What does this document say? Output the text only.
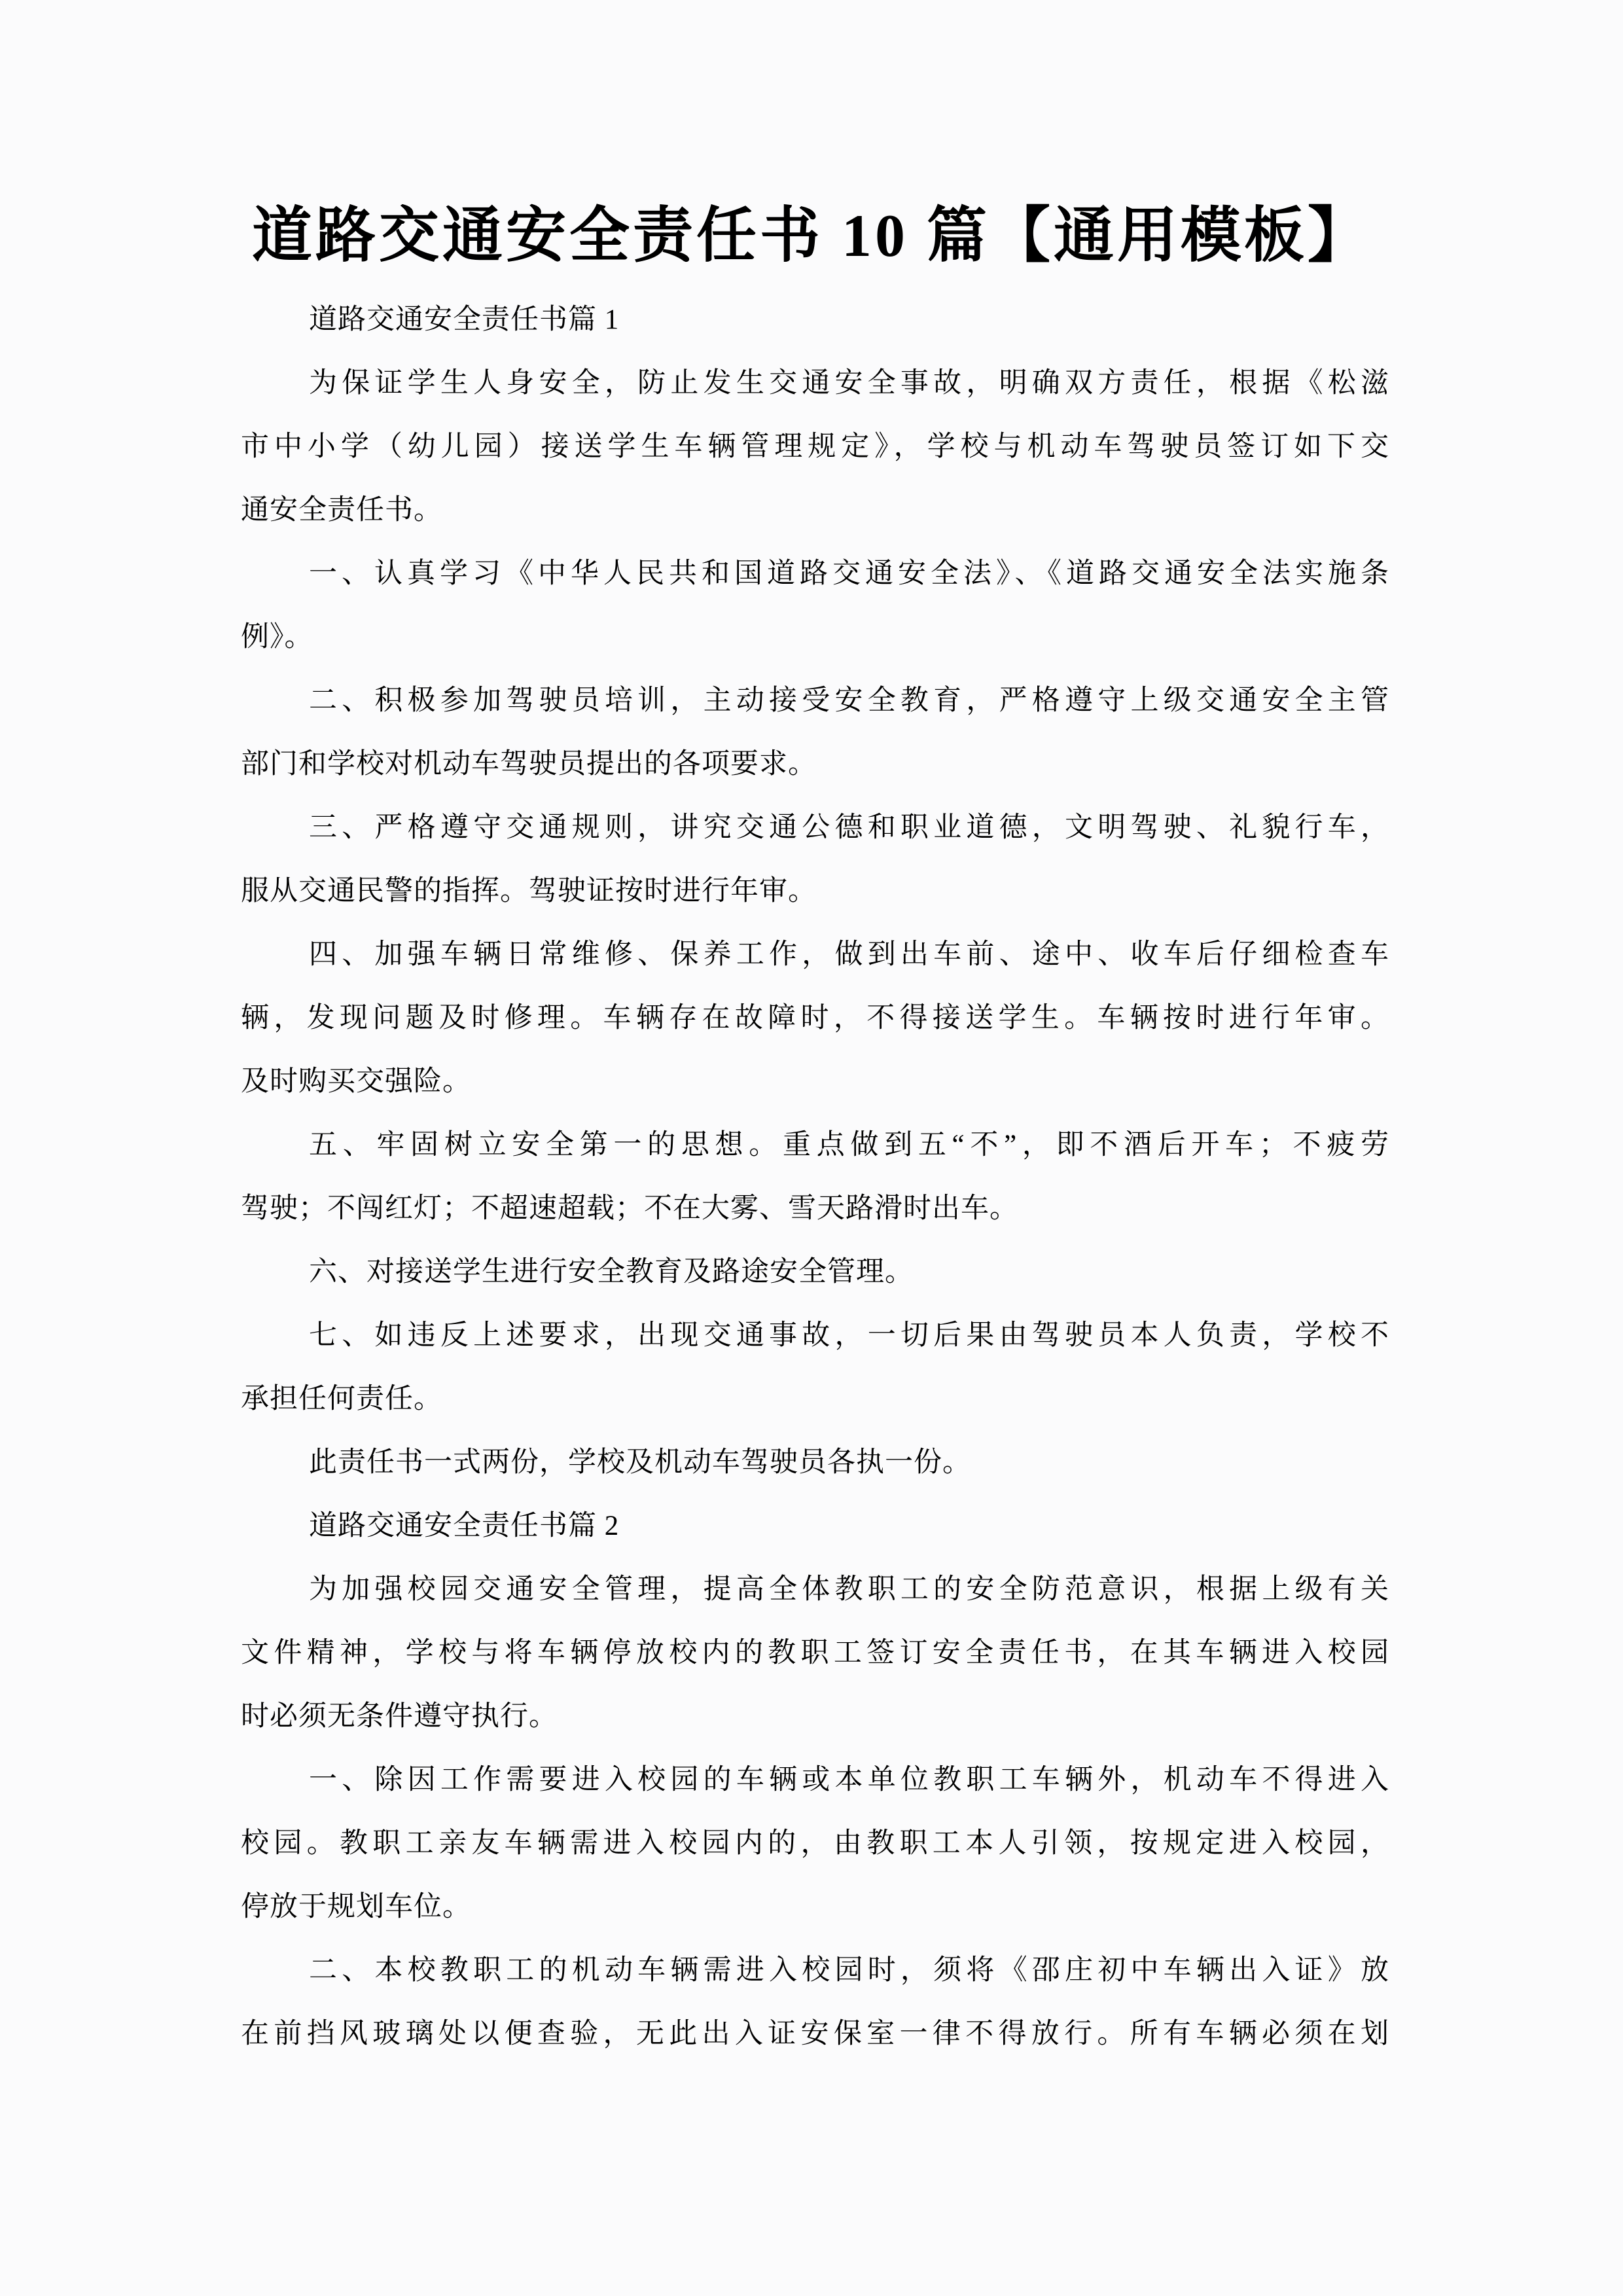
道路交通安全责任书 10 篇【通用模板】
道路交通安全责任书篇 1
为保证学生人身安全，防止发生交通安全事故，明确双方责任，根据《松滋
市中小学（幼儿园）接送学生车辆管理规定》，学校与机动车驾驶员签订如下交
通安全责任书。
一、认真学习《中华人民共和国道路交通安全法》、《道路交通安全法实施条
例》。
二、积极参加驾驶员培训，主动接受安全教育，严格遵守上级交通安全主管
部门和学校对机动车驾驶员提出的各项要求。
三、严格遵守交通规则，讲究交通公德和职业道德，文明驾驶、礼貌行车，
服从交通民警的指挥。驾驶证按时进行年审。
四、加强车辆日常维修、保养工作，做到出车前、途中、收车后仔细检查车
辆，发现问题及时修理。车辆存在故障时，不得接送学生。车辆按时进行年审。
及时购买交强险。
五、牢固树立安全第一的思想。重点做到五“不”，即不酒后开车；不疲劳
驾驶；不闯红灯；不超速超载；不在大雾、雪天路滑时出车。
六、对接送学生进行安全教育及路途安全管理。
七、如违反上述要求，出现交通事故，一切后果由驾驶员本人负责，学校不
承担任何责任。
此责任书一式两份，学校及机动车驾驶员各执一份。
道路交通安全责任书篇 2
为加强校园交通安全管理，提高全体教职工的安全防范意识，根据上级有关
文件精神，学校与将车辆停放校内的教职工签订安全责任书，在其车辆进入校园
时必须无条件遵守执行。
一、除因工作需要进入校园的车辆或本单位教职工车辆外，机动车不得进入
校园。教职工亲友车辆需进入校园内的，由教职工本人引领，按规定进入校园，
停放于规划车位。
二、本校教职工的机动车辆需进入校园时，须将《邵庄初中车辆出入证》放
在前挡风玻璃处以便查验，无此出入证安保室一律不得放行。所有车辆必须在划
